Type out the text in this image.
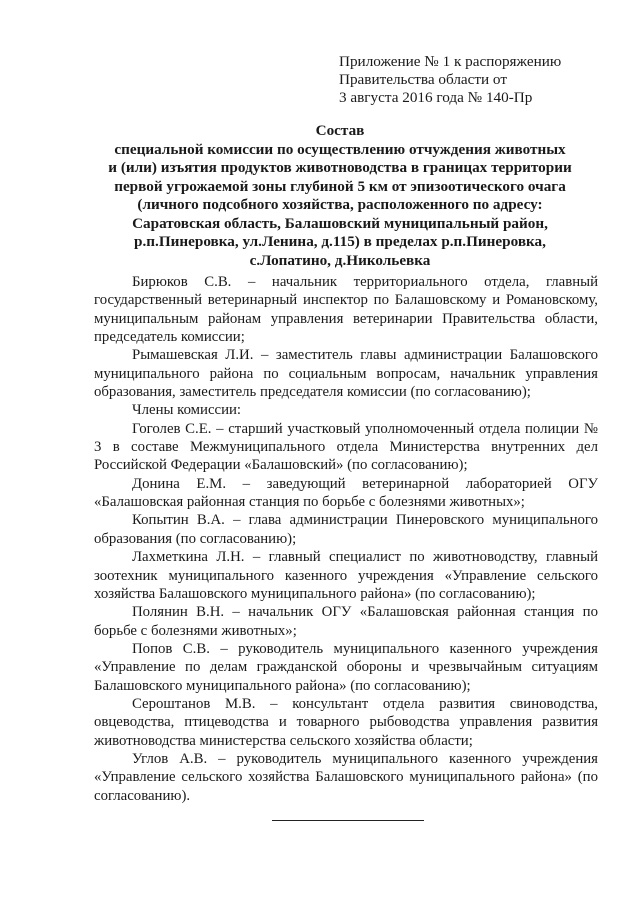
Приложение № 1 к распоряжению
Правительства области от
3 августа 2016 года № 140-Пр
Состав
специальной комиссии по осуществлению отчуждения животных
и (или) изъятия продуктов животноводства в границах территории
первой угрожаемой зоны глубиной 5 км от эпизоотического очага
(личного подсобного хозяйства, расположенного по адресу:
Саратовская область, Балашовский муниципальный район,
р.п.Пинеровка, ул.Ленина, д.115) в пределах р.п.Пинеровка,
с.Лопатино, д.Никольевка

Бирюков С.В. – начальник территориального отдела, главный государственный ветеринарный инспектор по Балашовскому и Романовскому, муниципальным районам управления ветеринарии Правительства области, председатель комиссии;

Рымашевская Л.И. – заместитель главы администрации Балашовского муниципального района по социальным вопросам, начальник управления образования, заместитель председателя комиссии (по согласованию);

Члены комиссии:

Гоголев С.Е. – старший участковый уполномоченный отдела полиции № 3 в составе Межмуниципального отдела Министерства внутренних дел Российской Федерации «Балашовский» (по согласованию);

Донина Е.М. – заведующий ветеринарной лабораторией ОГУ «Балашовская районная станция по борьбе с болезнями животных»;

Копытин В.А. – глава администрации Пинеровского муниципального образования (по согласованию);

Лахметкина Л.Н. – главный специалист по животноводству, главный зоотехник муниципального казенного учреждения «Управление сельского хозяйства Балашовского муниципального района» (по согласованию);

Полянин В.Н. – начальник ОГУ «Балашовская районная станция по борьбе с болезнями животных»;

Попов С.В. – руководитель муниципального казенного учреждения «Управление по делам гражданской обороны и чрезвычайным ситуациям Балашовского муниципального района» (по согласованию);

Сероштанов М.В. – консультант отдела развития свиноводства, овцеводства, птицеводства и товарного рыбоводства управления развития животноводства министерства сельского хозяйства области;

Углов А.В. – руководитель муниципального казенного учреждения «Управление сельского хозяйства Балашовского муниципального района» (по согласованию).
